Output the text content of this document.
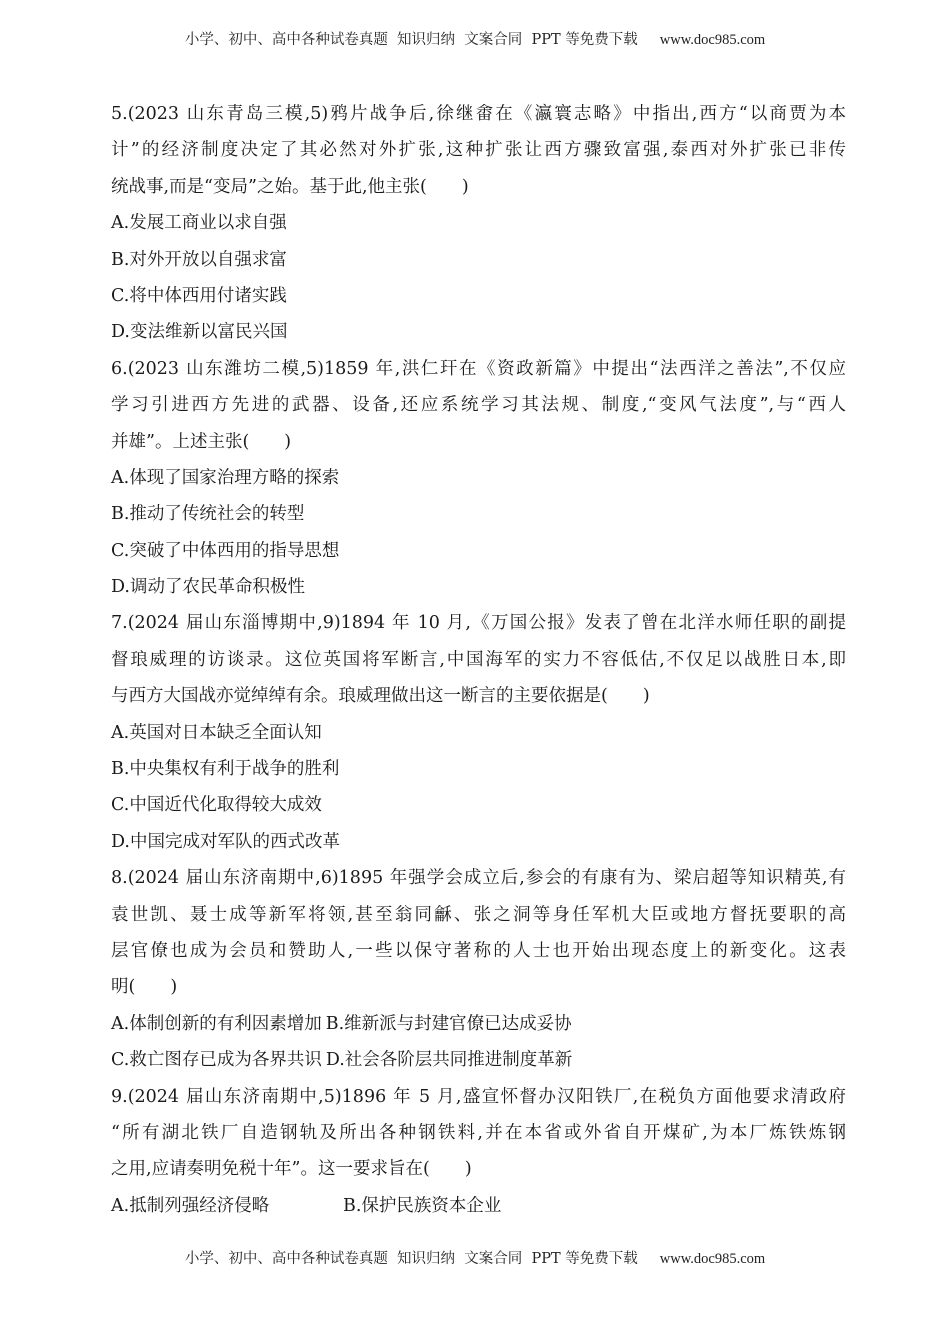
小学、初中、高中各种试卷真题  知识归纳  文案合同  PPT 等免费下载 www.doc985.com
5.(2023 山东青岛三模,5)鸦片战争后,徐继畬在《瀛寰志略》中指出,西方“以商贾为本
计”的经济制度决定了其必然对外扩张,这种扩张让西方骤致富强,泰西对外扩张已非传
统战事,而是“变局”之始。基于此,他主张(　　)
A.发展工商业以求自强
B.对外开放以自强求富
C.将中体西用付诸实践
D.变法维新以富民兴国
6.(2023 山东潍坊二模,5)1859 年,洪仁玕在《资政新篇》中提出“法西洋之善法”,不仅应
学习引进西方先进的武器、设备,还应系统学习其法规、制度,“变风气法度”,与“西人
并雄”。上述主张(　　)
A.体现了国家治理方略的探索
B.推动了传统社会的转型
C.突破了中体西用的指导思想
D.调动了农民革命积极性
7.(2024 届山东淄博期中,9)1894 年 10 月,《万国公报》发表了曾在北洋水师任职的副提
督琅威理的访谈录。这位英国将军断言,中国海军的实力不容低估,不仅足以战胜日本,即
与西方大国战亦觉绰绰有余。琅威理做出这一断言的主要依据是(　　)
A.英国对日本缺乏全面认知
B.中央集权有利于战争的胜利
C.中国近代化取得较大成效
D.中国完成对军队的西式改革
8.(2024 届山东济南期中,6)1895 年强学会成立后,参会的有康有为、梁启超等知识精英,有
袁世凯、聂士成等新军将领,甚至翁同龢、张之洞等身任军机大臣或地方督抚要职的高
层官僚也成为会员和赞助人,一些以保守著称的人士也开始出现态度上的新变化。这表
明(　　)
A.体制创新的有利因素增加 B.维新派与封建官僚已达成妥协
C.救亡图存已成为各界共识 D.社会各阶层共同推进制度革新
9.(2024 届山东济南期中,5)1896 年 5 月,盛宣怀督办汉阳铁厂,在税负方面他要求清政府
“所有湖北铁厂自造钢轨及所出各种钢铁料,并在本省或外省自开煤矿,为本厂炼铁炼钢
之用,应请奏明免税十年”。这一要求旨在(　　)
A.抵制列强经济侵略	B.保护民族资本企业
小学、初中、高中各种试卷真题  知识归纳  文案合同  PPT 等免费下载 www.doc985.com
